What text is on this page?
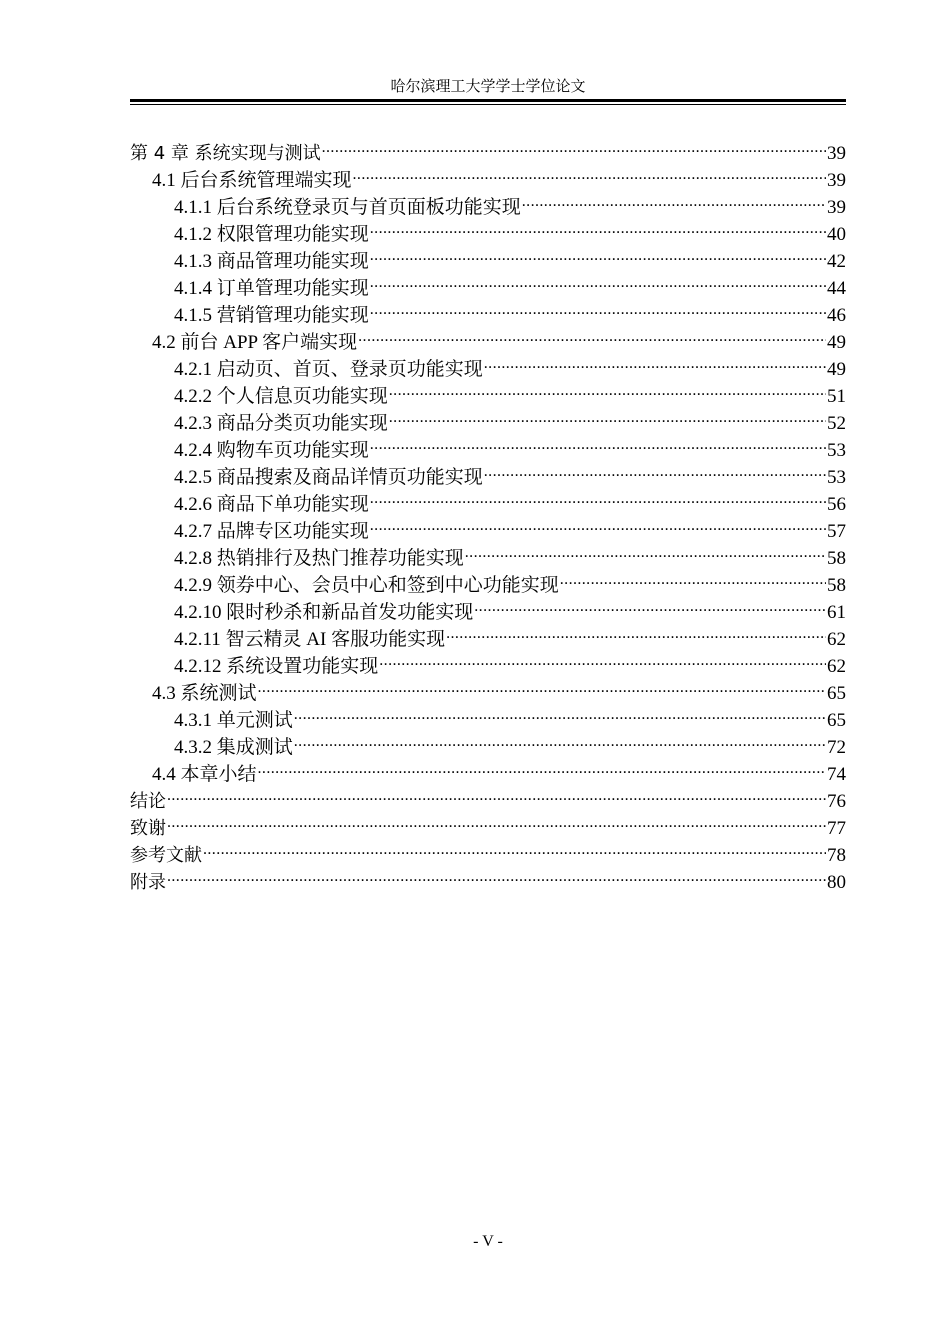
哈尔滨理工大学学士学位论文
第 4 章 系统实现与测试 .....	39
4.1 后台系统管理端实现 .....	39
4.1.1 后台系统登录页与首页面板功能实现 .....	39
4.1.2 权限管理功能实现 .....	40
4.1.3 商品管理功能实现 .....	42
4.1.4 订单管理功能实现 .....	44
4.1.5 营销管理功能实现 .....	46
4.2 前台 APP 客户端实现 .....	49
4.2.1 启动页、首页、登录页功能实现 .....	49
4.2.2 个人信息页功能实现 .....	51
4.2.3 商品分类页功能实现 .....	52
4.2.4 购物车页功能实现 .....	53
4.2.5 商品搜索及商品详情页功能实现 .....	53
4.2.6 商品下单功能实现 .....	56
4.2.7 品牌专区功能实现 .....	57
4.2.8 热销排行及热门推荐功能实现 .....	58
4.2.9 领券中心、会员中心和签到中心功能实现 .....	58
4.2.10 限时秒杀和新品首发功能实现 .....	61
4.2.11 智云精灵 AI 客服功能实现 .....	62
4.2.12 系统设置功能实现 .....	62
4.3 系统测试 .....	65
4.3.1 单元测试 .....	65
4.3.2 集成测试 .....	72
4.4 本章小结 .....	74
结论 .....	76
致谢 .....	77
参考文献 .....	78
附录 .....	80
- V -
